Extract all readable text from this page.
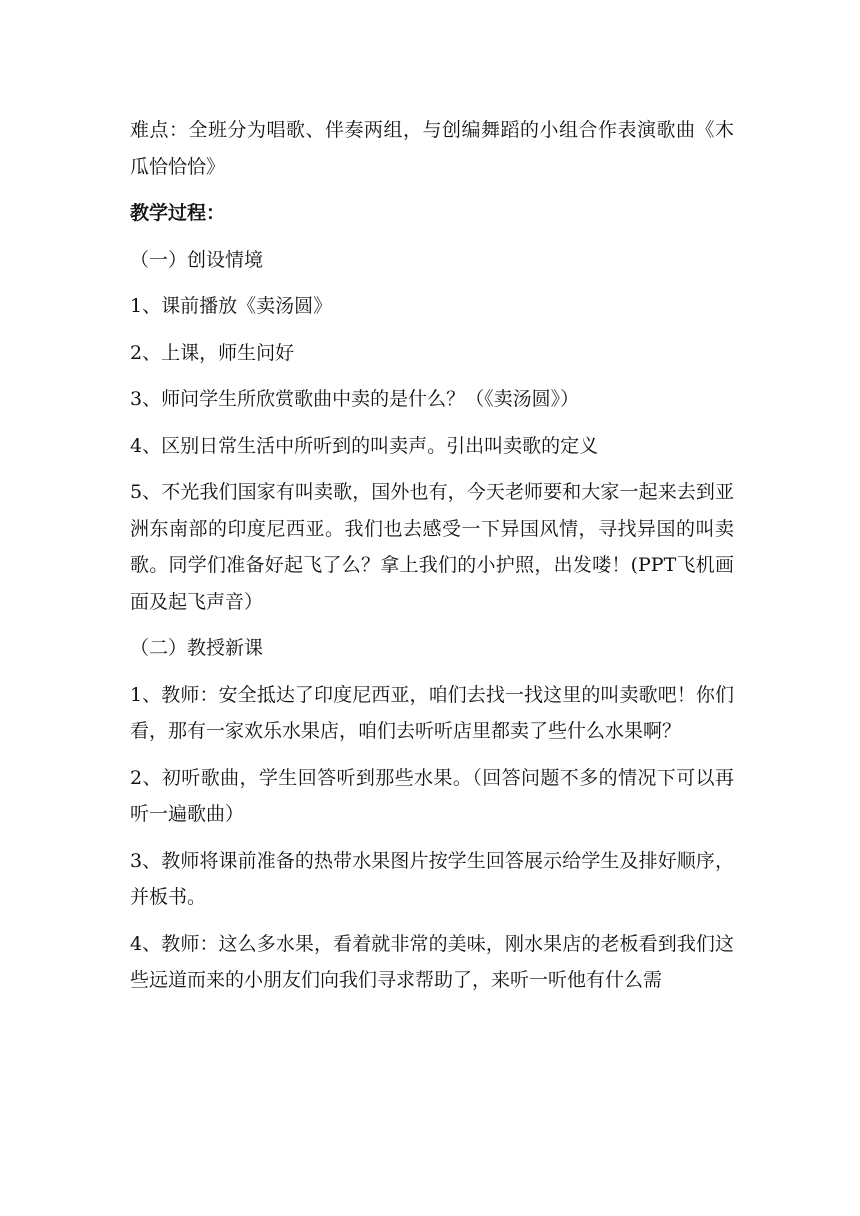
难点：全班分为唱歌、伴奏两组，与创编舞蹈的小组合作表演歌曲《木瓜恰恰恰》

教学过程：

（一）创设情境

1、课前播放《卖汤圆》

2、上课，师生问好

3、师问学生所欣赏歌曲中卖的是什么？（《卖汤圆》）

4、区别日常生活中所听到的叫卖声。引出叫卖歌的定义

5、不光我们国家有叫卖歌，国外也有，今天老师要和大家一起来去到亚洲东南部的印度尼西亚。我们也去感受一下异国风情，寻找异国的叫卖歌。同学们准备好起飞了么？拿上我们的小护照，出发喽！(PPT飞机画面及起飞声音）

（二）教授新课

1、教师：安全抵达了印度尼西亚，咱们去找一找这里的叫卖歌吧！你们看，那有一家欢乐水果店，咱们去听听店里都卖了些什么水果啊？

2、初听歌曲，学生回答听到那些水果。（回答问题不多的情况下可以再听一遍歌曲）

3、教师将课前准备的热带水果图片按学生回答展示给学生及排好顺序，并板书。

4、教师：这么多水果，看着就非常的美味，刚水果店的老板看到我们这些远道而来的小朋友们向我们寻求帮助了，来听一听他有什么需
